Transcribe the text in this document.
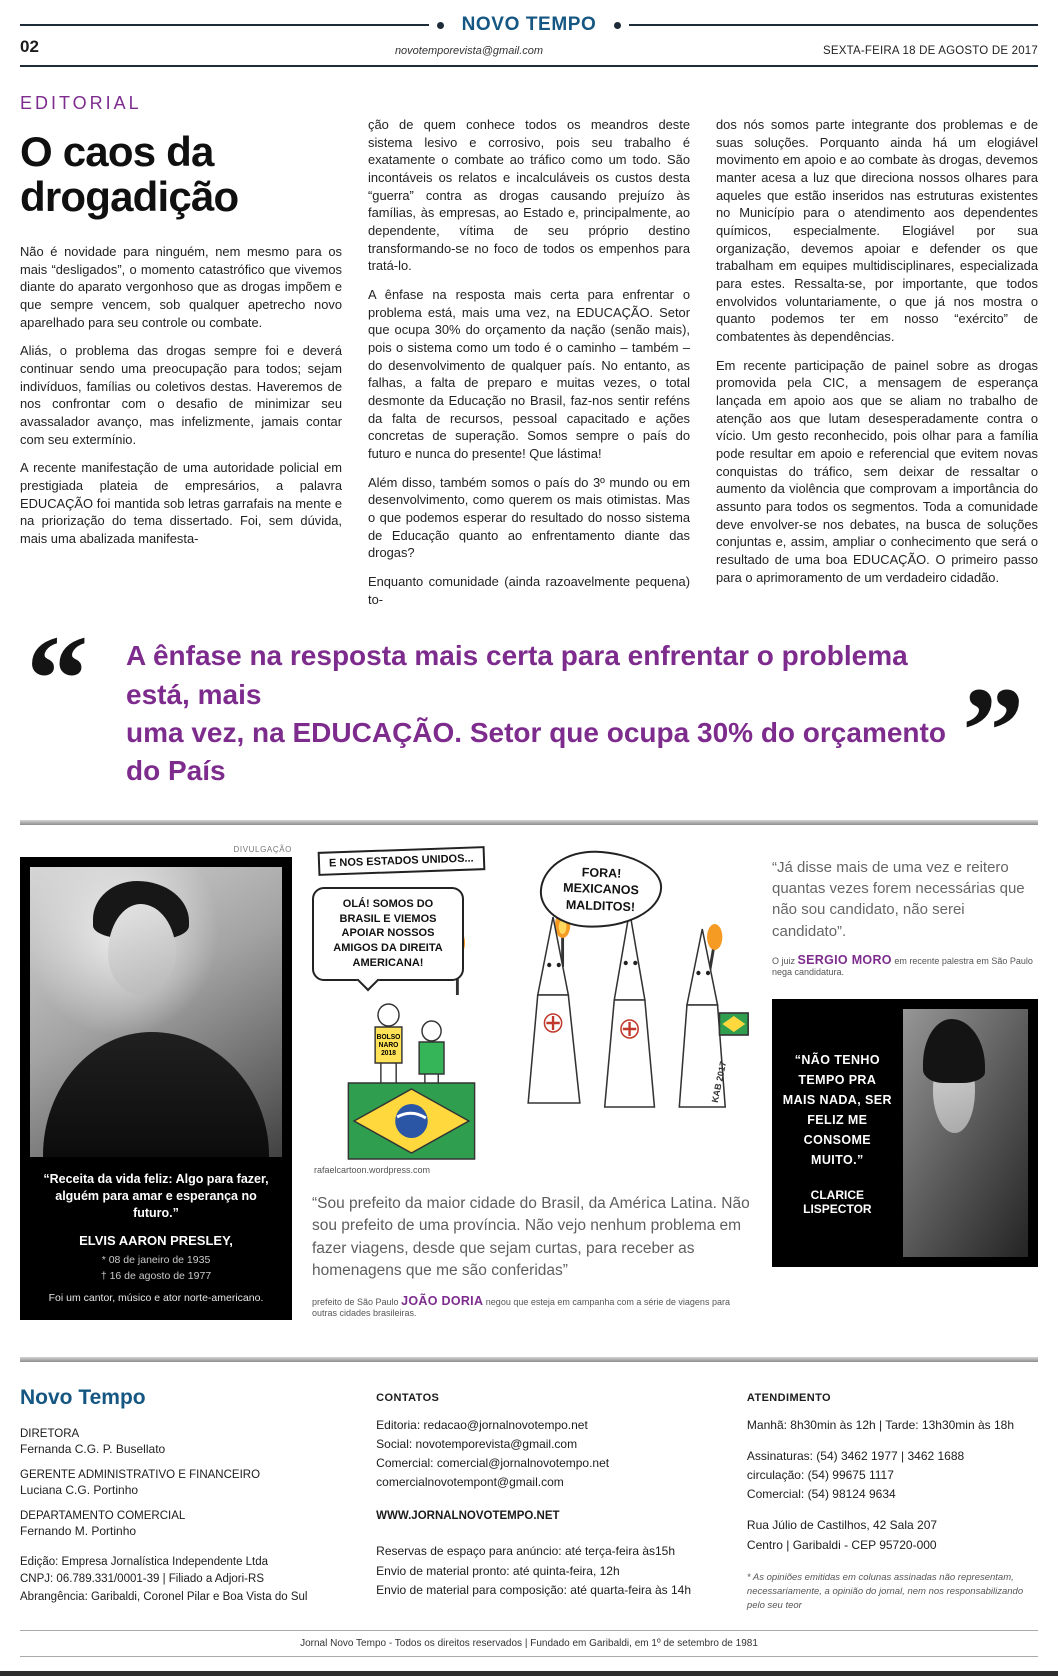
NOVO TEMPO
02	novotemporevista@gmail.com	SEXTA-FEIRA 18 DE AGOSTO DE 2017
EDITORIAL
O caos da drogadição

Não é novidade para ninguém, nem mesmo para os mais “desligados”, o momento catastrófico que vivemos diante do aparato vergonhoso que as drogas impõem e que sempre vencem, sob qualquer apetrecho novo aparelhado para seu controle ou combate.

Aliás, o problema das drogas sempre foi e deverá continuar sendo uma preocupação para todos; sejam indivíduos, famílias ou coletivos destas. Haveremos de nos confrontar com o desafio de minimizar seu avassalador avanço, mas infelizmente, jamais contar com seu extermínio.

A recente manifestação de uma autoridade policial em prestigiada plateia de empresários, a palavra EDUCAÇÃO foi mantida sob letras garrafais na mente e na priorização do tema dissertado. Foi, sem dúvida, mais uma abalizada manifesta-

ção de quem conhece todos os meandros deste sistema lesivo e corrosivo, pois seu trabalho é exatamente o combate ao tráfico como um todo. São incontáveis os relatos e incalculáveis os custos desta “guerra” contra as drogas causando prejuízo às famílias, às empresas, ao Estado e, principalmente, ao dependente, vítima de seu próprio destino transformando-se no foco de todos os empenhos para tratá-lo.

A ênfase na resposta mais certa para enfrentar o problema está, mais uma vez, na EDUCAÇÃO. Setor que ocupa 30% do orçamento da nação (senão mais), pois o sistema como um todo é o caminho – também – do desenvolvimento de qualquer país. No entanto, as falhas, a falta de preparo e muitas vezes, o total desmonte da Educação no Brasil, faz-nos sentir reféns da falta de recursos, pessoal capacitado e ações concretas de superação. Somos sempre o país do futuro e nunca do presente! Que lástima!

Além disso, também somos o país do 3º mundo ou em desenvolvimento, como querem os mais otimistas. Mas o que podemos esperar do resultado do nosso sistema de Educação quanto ao enfrentamento diante das drogas?

Enquanto comunidade (ainda razoavelmente pequena) to-

dos nós somos parte integrante dos problemas e de suas soluções. Porquanto ainda há um elogiável movimento em apoio e ao combate às drogas, devemos manter acesa a luz que direciona nossos olhares para aqueles que estão inseridos nas estruturas existentes no Município para o atendimento aos dependentes químicos, especialmente. Elogiável por sua organização, devemos apoiar e defender os que trabalham em equipes multidisciplinares, especializada para estes. Ressalta-se, por importante, que todos envolvidos voluntariamente, o que já nos mostra o quanto podemos ter em nosso “exército” de combatentes às dependências.

Em recente participação de painel sobre as drogas promovida pela CIC, a mensagem de esperança lançada em apoio aos que se aliam no trabalho de atenção aos que lutam desesperadamente contra o vício. Um gesto reconhecido, pois olhar para a família pode resultar em apoio e referencial que evitem novas conquistas do tráfico, sem deixar de ressaltar o aumento da violência que comprovam a importância do assunto para todos os segmentos. Toda a comunidade deve envolver-se nos debates, na busca de soluções conjuntas e, assim, ampliar o conhecimento que será o resultado de uma boa EDUCAÇÃO. O primeiro passo para o aprimoramento de um verdadeiro cidadão.

“	A ênfase na resposta mais certa para enfrentar o problema está, mais
uma vez, na EDUCAÇÃO. Setor que ocupa 30% do orçamento do País	”
DIVULGAÇÃO
“Receita da vida feliz: Algo para fazer, alguém para amar e esperança no futuro.”
ELVIS AARON PRESLEY,
* 08 de janeiro de 1935
† 16 de agosto de 1977
Foi um cantor, músico e ator norte-americano.
BOLSO
NARO
2018
E NOS ESTADOS UNIDOS...
OLÁ! SOMOS DO BRASIL E VIEMOS APOIAR NOSSOS AMIGOS DA DIREITA AMERICANA!
FORA! MEXICANOS MALDITOS!
rafaelcartoon.wordpress.com
KAB 2017
“Sou prefeito da maior cidade do Brasil, da América Latina. Não sou prefeito de uma província. Não vejo nenhum problema em fazer viagens, desde que sejam curtas, para receber as homenagens que me são conferidas”

prefeito de São Paulo JOÃO DORIA negou que esteja em campanha com a série de viagens para outras cidades brasileiras.

“Já disse mais de uma vez e reitero quantas vezes forem necessárias que não sou candidato, não serei candidato”.

O juiz SERGIO MORO em recente palestra em São Paulo nega candidatura.

“NÃO TENHO TEMPO PRA MAIS NADA, SER FELIZ ME CONSOME MUITO.”
CLARICE LISPECTOR
Novo Tempo
DIRETORA
Fernanda C.G. P. Busellato
GERENTE ADMINISTRATIVO E FINANCEIRO
Luciana C.G. Portinho
DEPARTAMENTO COMERCIAL
Fernando M. Portinho
Edição: Empresa Jornalística Independente Ltda
CNPJ: 06.789.331/0001-39 | Filiado a Adjori-RS
Abrangência: Garibaldi, Coronel Pilar e Boa Vista do Sul
CONTATOS
Editoria: redacao@jornalnovotempo.net
Social: novotemporevista@gmail.com
Comercial: comercial@jornalnovotempo.net
comercialnovotempont@gmail.com
WWW.JORNALNOVOTEMPO.NET
Reservas de espaço para anúncio: até terça-feira às15h
Envio de material pronto: até quinta-feira, 12h
Envio de material para composição: até quarta-feira às 14h
ATENDIMENTO
Manhã: 8h30min às 12h | Tarde: 13h30min às 18h
Assinaturas: (54) 3462 1977 | 3462 1688
circulação: (54) 99675 1117
Comercial: (54) 98124 9634
Rua Júlio de Castilhos, 42 Sala 207
Centro | Garibaldi - CEP 95720-000
* As opiniões emitidas em colunas assinadas não representam, necessariamente, a opinião do jornal, nem nos responsabilizando pelo seu teor
Jornal Novo Tempo - Todos os direitos reservados | Fundado em Garibaldi, em 1º de setembro de 1981
